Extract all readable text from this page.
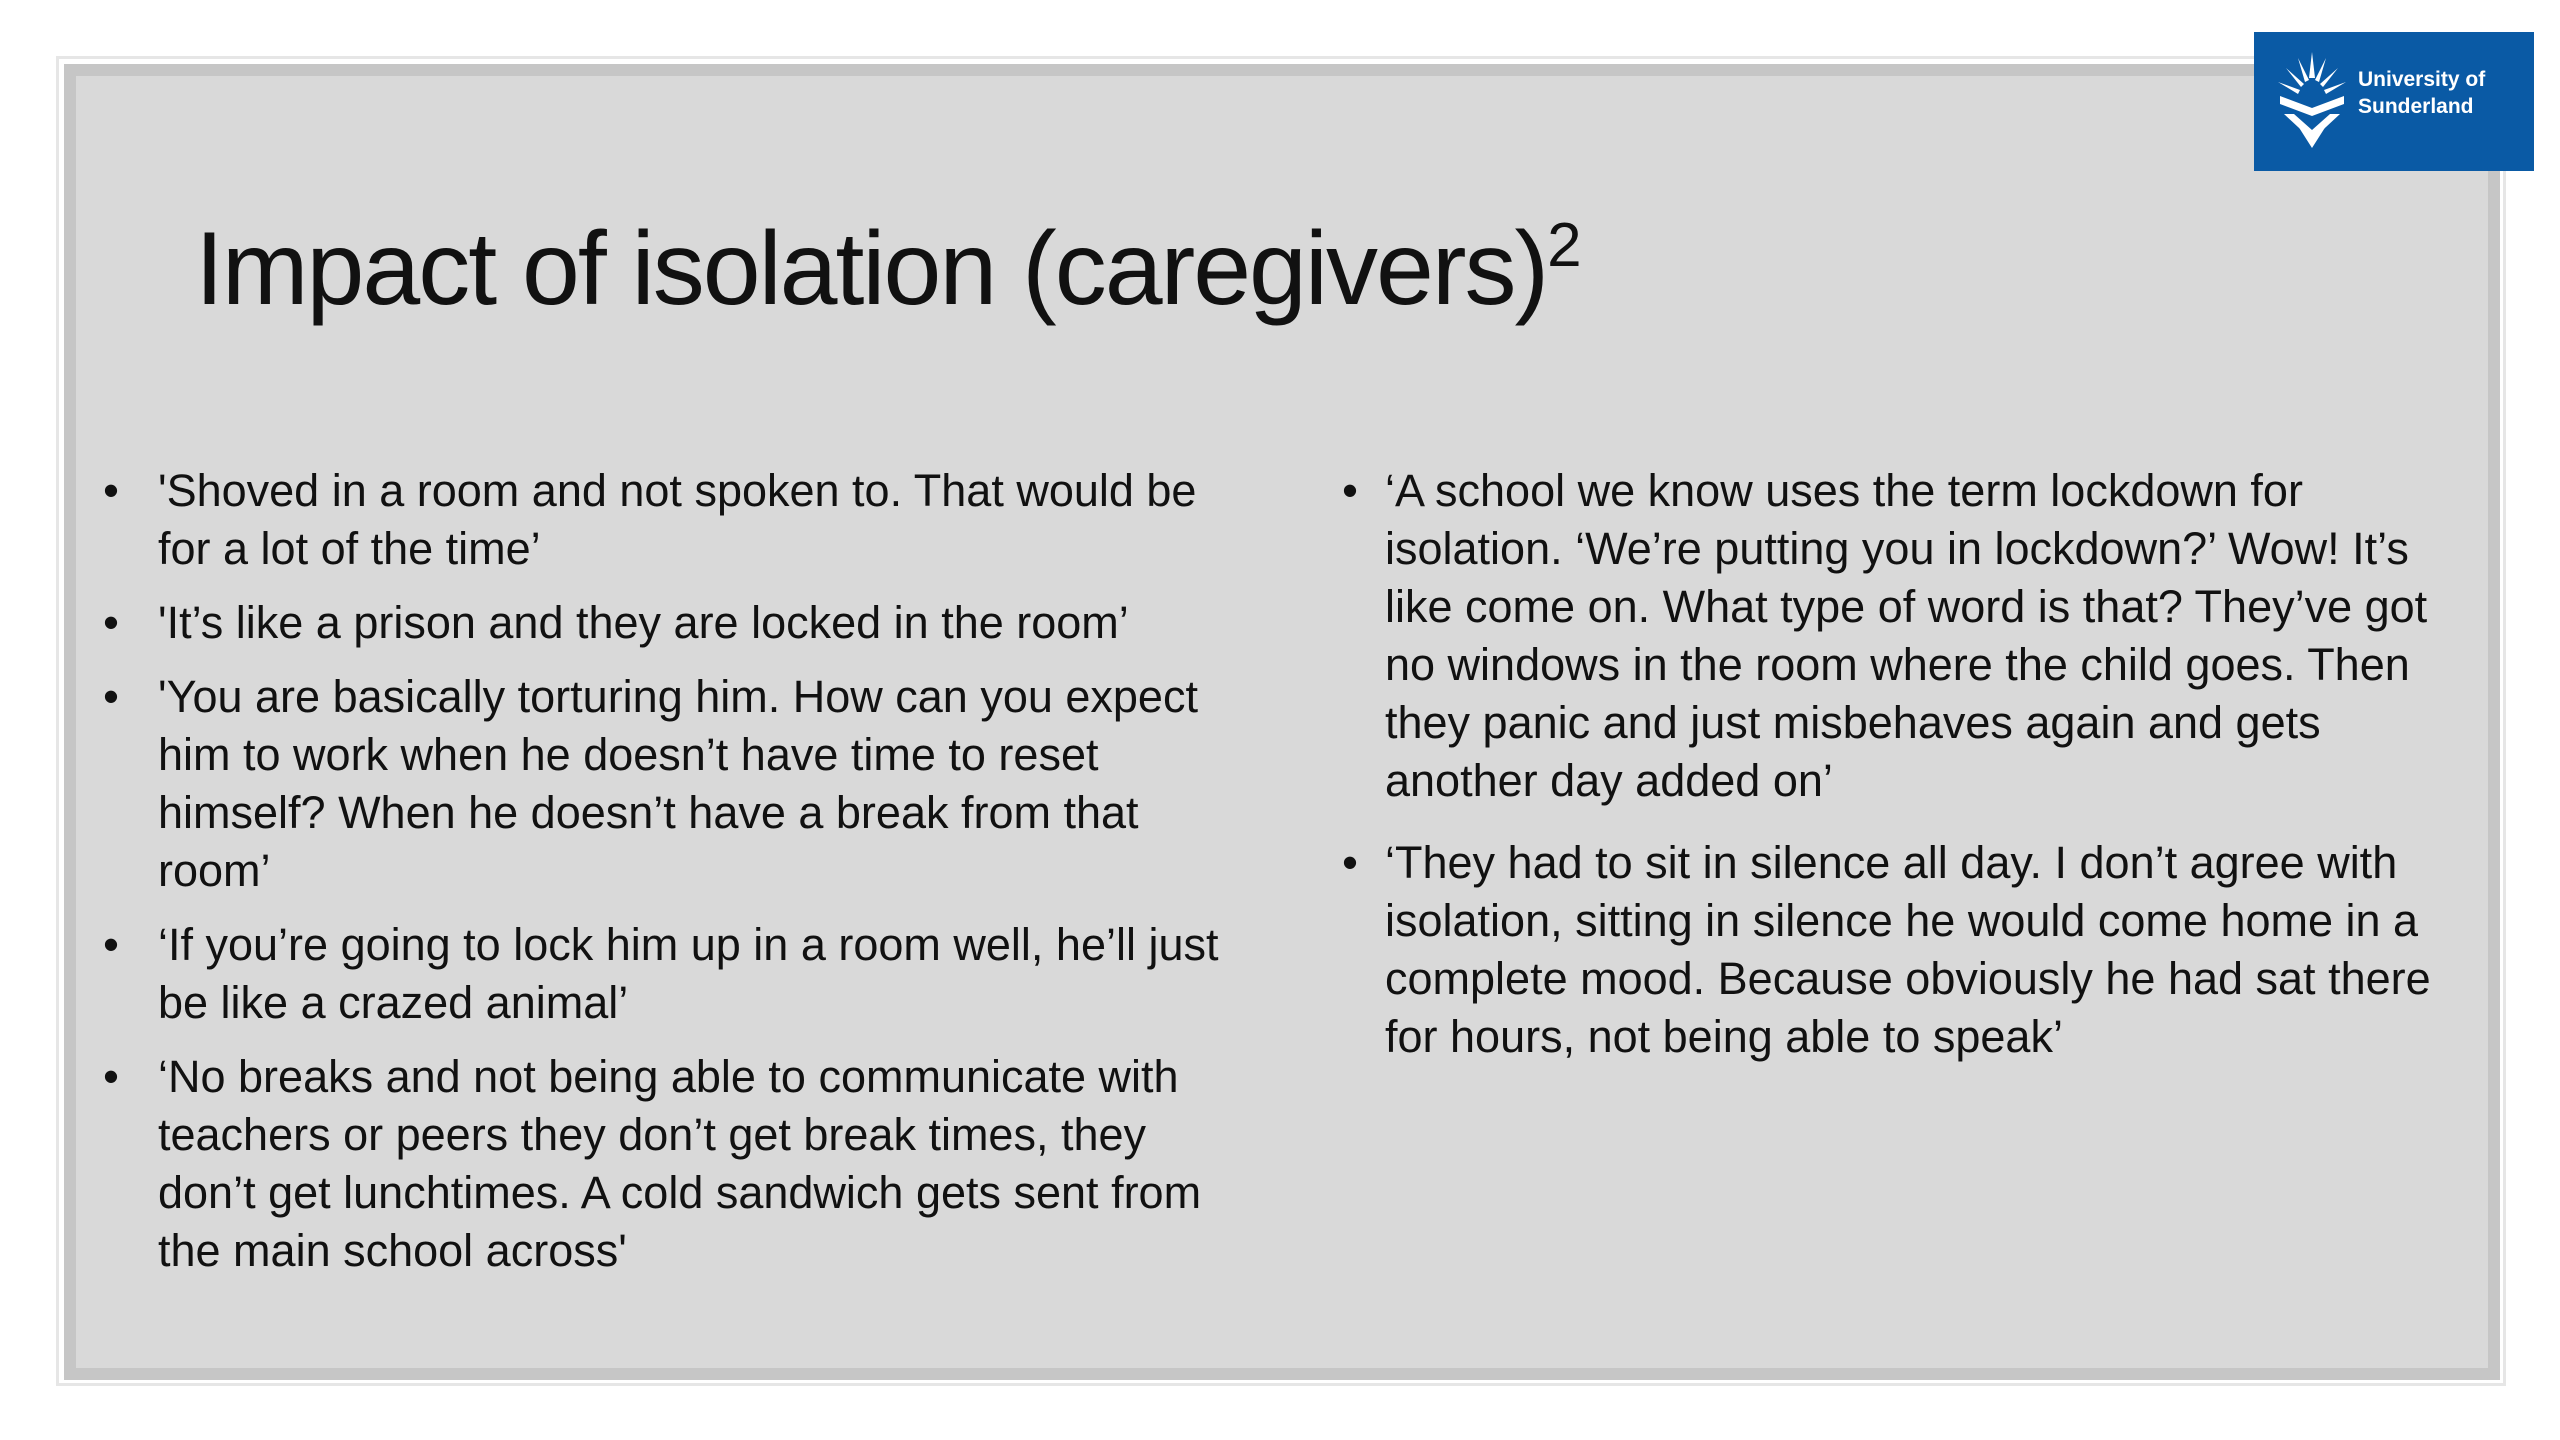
Impact of isolation (caregivers)$^2$
• 'Shoved in a room and not spoken to. That would be for a lot of the time’
• 'It’s like a prison and they are locked in the room’
• 'You are basically torturing him. How can you expect him to work when he doesn’t have time to reset himself? When he doesn’t have a break from that room’
• ‘If you’re going to lock him up in a room well, he’ll just be like a crazed animal’
• ‘No breaks and not being able to communicate with teachers or peers they don’t get break times, they don’t get lunchtimes. A cold sandwich gets sent from the main school across'
• ‘A school we know uses the term lockdown for isolation. ‘We’re putting you in lockdown?’ Wow! It’s like come on. What type of word is that? They’ve got no windows in the room where the child goes. Then they panic and just misbehaves again and gets another day added on’
• ‘They had to sit in silence all day. I don’t agree with isolation, sitting in silence he would come home in a complete mood. Because obviously he had sat there for hours, not being able to speak’
University of Sunderland
